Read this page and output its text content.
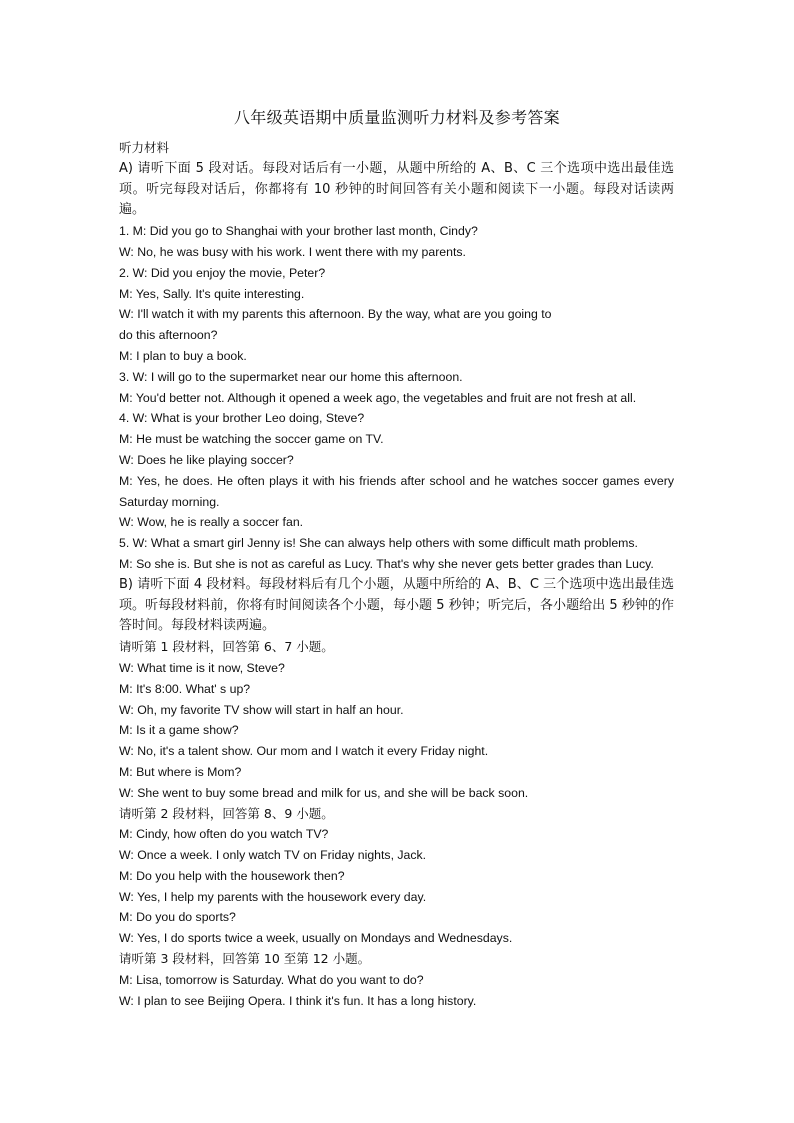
八年级英语期中质量监测听力材料及参考答案
听力材料
A) 请听下面 5 段对话。每段对话后有一小题，从题中所给的 A、B、C 三个选项中选出最佳选项。听完每段对话后，你都将有 10 秒钟的时间回答有关小题和阅读下一小题。每段对话读两遍。
1. M: Did you go to Shanghai with your brother last month, Cindy?
W: No, he was busy with his work. I went there with my parents.
2. W: Did you enjoy the movie, Peter?
M: Yes, Sally. It's quite interesting.
W: I'll watch it with my parents this afternoon. By the way, what are you going to
do this afternoon?
M: I plan to buy a book.
3. W: I will go to the supermarket near our home this afternoon.
M: You'd better not. Although it opened a week ago, the vegetables and fruit are not fresh at all.
4. W: What is your brother Leo doing, Steve?
M: He must be watching the soccer game on TV.
W: Does he like playing soccer?
M: Yes, he does. He often plays it with his friends after school and he watches soccer games every Saturday morning.
W: Wow, he is really a soccer fan.
5. W: What a smart girl Jenny is! She can always help others with some difficult math problems.
M: So she is. But she is not as careful as Lucy. That's why she never gets better grades than Lucy.
B) 请听下面 4 段材料。每段材料后有几个小题，从题中所给的 A、B、C 三个选项中选出最佳选项。听每段材料前，你将有时间阅读各个小题，每小题 5 秒钟；听完后，各小题给出 5 秒钟的作答时间。每段材料读两遍。
请听第 1 段材料，回答第 6、7 小题。
W: What time is it now, Steve?
M: It's 8:00. What' s up?
W: Oh, my favorite TV show will start in half an hour.
M: Is it a game show?
W: No, it's a talent show. Our mom and I watch it every Friday night.
M: But where is Mom?
W: She went to buy some bread and milk for us, and she will be back soon.
请听第 2 段材料，回答第 8、9 小题。
M: Cindy, how often do you watch TV?
W: Once a week. I only watch TV on Friday nights, Jack.
M: Do you help with the housework then?
W: Yes, I help my parents with the housework every day.
M: Do you do sports?
W: Yes, I do sports twice a week, usually on Mondays and Wednesdays.
请听第 3 段材料，回答第 10 至第 12 小题。
M: Lisa, tomorrow is Saturday. What do you want to do?
W: I plan to see Beijing Opera. I think it's fun. It has a long history.
